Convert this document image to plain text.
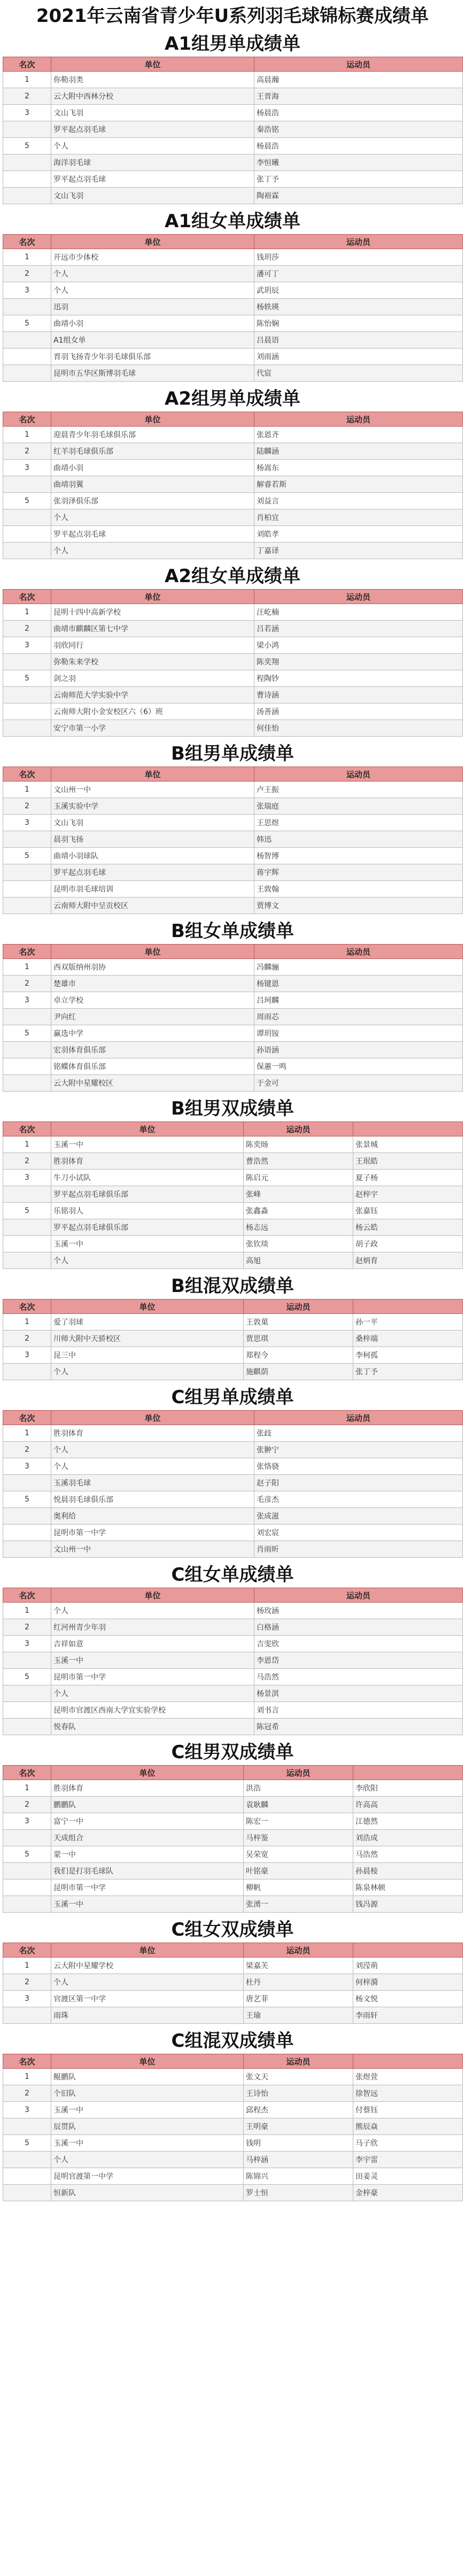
2021年云南省青少年U系列羽毛球锦标赛成绩单
A1组男单成绩单
名次	单位	运动员
1	你勒羽类	高晨瀚
2	云大附中西林分校	王晋海
3	文山飞羽	杨晨浩
	罗平起点羽毛球	秦浩铭
5	个人	杨晨浩
	海洋羽毛球	李恒曦
	罗平起点羽毛球	张丁予
	文山飞羽	陶裕霖
A1组女单成绩单
名次	单位	运动员
1	开远市少体校	钱玥莎
2	个人	潘可丁
3	个人	武玥辰
	迅羽	杨轶瑛
5	曲靖小羽	陈怡娴
	A1组女单	吕晨语
	晋羽飞扬青少年羽毛球俱乐部	刘雨涵
	昆明市五华区斯博羽毛球	代宸
A2组男单成绩单
名次	单位	运动员
1	迎晨青少年羽毛球俱乐部	张恩齐
2	红羊羽毛球俱乐部	陆麟涵
3	曲靖小羽	杨嵩东
	曲靖羽翼	解睿若斯
5	张羽泽俱乐部	刘益言
	个人	肖柏宜
	罗平起点羽毛球	刘皓孝
	个人	丁嘉译
A2组女单成绩单
名次	单位	运动员
1	昆明十四中高新学校	汪屹楠
2	曲靖市麒麟区第七中学	吕若涵
3	羽欣同行	梁小鸿
	弥勒朱来学校	陈奕翔
5	剑之羽	程陶钞
	云南师范大学实验中学	曹诗涵
	云南师大附小金安校区六（6）班	汤善涵
	安宁市第一小学	何佳怡
B组男单成绩单
名次	单位	运动员
1	文山州一中	卢王振
2	玉溪实验中学	张瑞庭
3	文山飞羽	王思煜
	晨羽飞扬	韩迅
5	曲靖小羽球队	杨智博
	罗平起点羽毛球	蒋宇辉
	昆明市羽毛球培训	王敦翰
	云南师大附中呈贡校区	贾博文
B组女单成绩单
名次	单位	运动员
1	西双版纳州羽协	冯麟骊
2	楚雄市	杨键恩
3	卓立学校	吕珂麟
	尹向红	周雨芯
5	赢选中学	谭玥铵
	宏羽体育俱乐部	孙语涵
	铭蝶体育俱乐部	保蕙一鸣
	云大附中星耀校区	于金可
B组男双成绩单
名次	单位	运动员	
1	玉溪一中	陈奕旸	张景城
2	胜羽体育	曹浩然	王珉皓
3	牛刀小试队	陈启元	夏子杨
	罗平起点羽毛球俱乐部	张峰	赵梓宇
5	乐铭羽人	张鑫淼	张嘉钰
	罗平起点羽毛球俱乐部	杨志远	杨云皓
	玉溪一中	张钦琰	胡子政
	个人	高旭	赵炳育
B组混双成绩单
名次	单位	运动员	
1	爱了羽球	王敦菓	孙一平
2	川师大附中天骄校区	贾思琪	桑梓端
3	昆三中	郑程今	李柯孤
	个人	施麒荫	张丁予
C组男单成绩单
名次	单位	运动员
1	胜羽体育	张歧
2	个人	张翀宁
3	个人	张恪骁
	玉溪羽毛球	赵子阳
5	悦晨羽毛球俱乐部	毛彦杰
	奥利给	张成滋
	昆明市第一中学	刘宏宸
	文山州一中	肖雨昕
C组女单成绩单
名次	单位	运动员
1	个人	杨玫涵
2	红河州青少年羽	白格涵
3	吉祥如意	吉雯欣
	玉溪一中	李恩岱
5	昆明市第一中学	马浩然
	个人	杨景淇
	昆明市官渡区西南大学宜实验学校	刘书言
	悦春队	陈冠希
C组男双成绩单
名次	单位	运动员	
1	胜羽体育	洪浩	李欣阳
2	鹏鹏队	袁耿麟	许高高
3	富宁一中	陈宏一	江德然
	天成组合	马梓鉴	刘浩成
5	蒙一中	吴荣宽	马浩然
	我们是打羽毛球队	叶铭豪	孙晨桉
	昆明市第一中学	柳帆	陈泉林顿
	玉溪一中	张湧一	钱冯源
C组女双成绩单
名次	单位	运动员	
1	云大附中星耀学校	梁嘉芙	刘滢萌
2	个人	杜丹	何梓漪
3	官渡区第一中学	唐艺菲	杨文悦
	雨珠	王瑜	李雨轩
C组混双成绩单
名次	单位	运动员	
1	鲲鹏队	张文天	张煜萱
2	个旧队	王诗怡	徐智远
3	玉溪一中	邱程杰	付蔡钰
	辰贯队	王明豪	熊辰焱
5	玉溪一中	钱明	马子欣
	个人	马梓涵	李宇雷
	昆明官渡第一中学	陈锦兴	田姜灵
	恒新队	罗士恒	金梓豪
